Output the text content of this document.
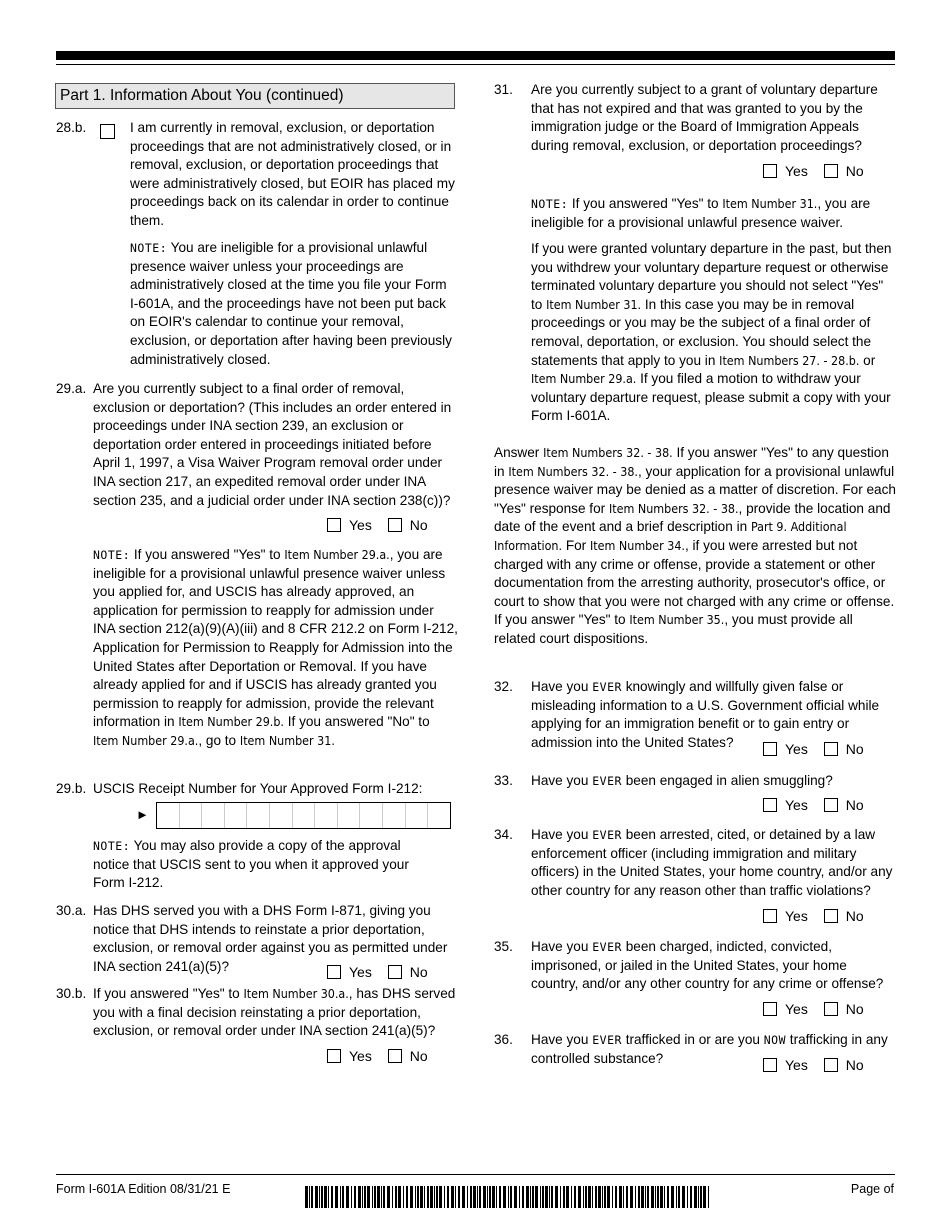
Part 1. Information About You (continued)
28.b.	I am currently in removal, exclusion, or deportation proceedings that are not administratively closed, or in removal, exclusion, or deportation proceedings that were administratively closed, but EOIR has placed my proceedings back on its calendar in order to continue them.
NOTE: You are ineligible for a provisional unlawful presence waiver unless your proceedings are administratively closed at the time you file your Form I-601A, and the proceedings have not been put back on EOIR's calendar to continue your removal, exclusion, or deportation after having been previously administratively closed.
29.a. Are you currently subject to a final order of removal, exclusion or deportation? (This includes an order entered in proceedings under INA section 239, an exclusion or deportation order entered in proceedings initiated before April 1, 1997, a Visa Waiver Program removal order under INA section 217, an expedited removal order under INA section 235, and a judicial order under INA section 238(c))?
NOTE: If you answered "Yes" to Item Number 29.a., you are ineligible for a provisional unlawful presence waiver unless you applied for, and USCIS has already approved, an application for permission to reapply for admission under INA section 212(a)(9)(A)(iii) and 8 CFR 212.2 on Form I-212, Application for Permission to Reapply for Admission into the United States after Deportation or Removal. If you have already applied for and if USCIS has already granted you permission to reapply for admission, provide the relevant information in Item Number 29.b. If you answered "No" to Item Number 29.a., go to Item Number 31.
Yes	No
29.b. USCIS Receipt Number for Your Approved Form I-212:
NOTE: You may also provide a copy of the approval notice that USCIS sent to you when it approved your Form I-212.
►
30.a. Has DHS served you with a DHS Form I-871, giving you notice that DHS intends to reinstate a prior deportation, exclusion, or removal order against you as permitted under INA section 241(a)(5)?	Yes	No
30.b. If you answered "Yes" to Item Number 30.a., has DHS served you with a final decision reinstating a prior deportation, exclusion, or removal order under INA section 241(a)(5)?
Yes	No
31. Are you currently subject to a grant of voluntary departure that has not expired and that was granted to you by the immigration judge or the Board of Immigration Appeals during removal, exclusion, or deportation proceedings?
NOTE: If you answered "Yes" to Item Number 31., you are ineligible for a provisional unlawful presence waiver.
If you were granted voluntary departure in the past, but then you withdrew your voluntary departure request or otherwise terminated voluntary departure you should not select "Yes" to Item Number 31. In this case you may be in removal proceedings or you may be the subject of a final order of removal, deportation, or exclusion. You should select the statements that apply to you in Item Numbers 27. - 28.b. or Item Number 29.a. If you filed a motion to withdraw your voluntary departure request, please submit a copy with your Form I-601A.
Yes	No
Answer Item Numbers 32. - 38. If you answer "Yes" to any question in Item Numbers 32. - 38., your application for a provisional unlawful presence waiver may be denied as a matter of discretion. For each "Yes" response for Item Numbers 32. - 38., provide the location and date of the event and a brief description in Part 9. Additional Information. For Item Number 34., if you were arrested but not charged with any crime or offense, provide a statement or other documentation from the arresting authority, prosecutor's office, or court to show that you were not charged with any crime or offense. If you answer "Yes" to Item Number 35., you must provide all related court dispositions.
32. Have you EVER knowingly and willfully given false or misleading information to a U.S. Government official while applying for an immigration benefit or to gain entry or admission into the United States?	Yes	No
33. Have you EVER been engaged in alien smuggling?
Yes	No
34. Have you EVER been arrested, cited, or detained by a law enforcement officer (including immigration and military officers) in the United States, your home country, and/or any other country for any reason other than traffic violations?
Yes	No
35. Have you EVER been charged, indicted, convicted, imprisoned, or jailed in the United States, your home country, and/or any other country for any crime or offense?
Yes	No
36. Have you EVER trafficked in or are you NOW trafficking in any controlled substance?	Yes	No
Form I-601A Edition 08/31/21 E	Page of
